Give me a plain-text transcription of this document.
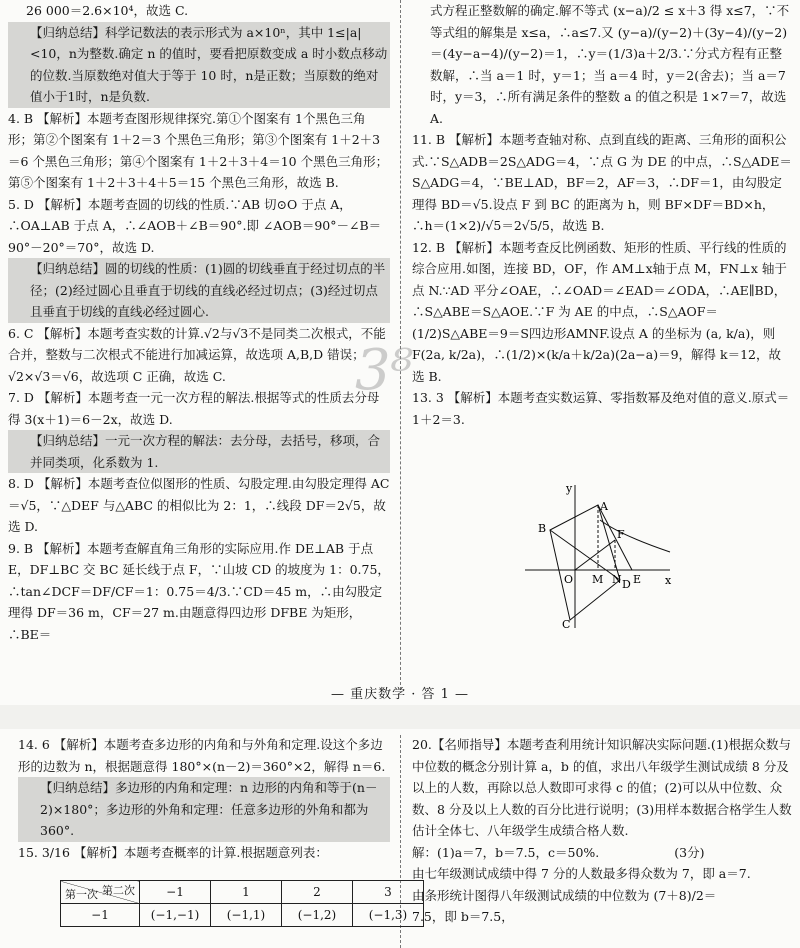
26 000＝2.6×10⁴，故选 C.

【归纳总结】科学记数法的表示形式为 a×10ⁿ，其中 1≤|a|<10，n为整数.确定 n 的值时，要看把原数变成 a 时小数点移动的位数.当原数绝对值大于等于 10 时，n是正数；当原数的绝对值小于1时，n是负数.

4. B 【解析】本题考查图形规律探究.第①个图案有 1个黑色三角形；第②个图案有 1＋2＝3 个黑色三角形；第③个图案有 1＋2＋3＝6 个黑色三角形；第④个图案有 1＋2＋3＋4＝10 个黑色三角形；第⑤个图案有 1＋2＋3＋4＋5＝15 个黑色三角形，故选 B.

5. D 【解析】本题考查圆的切线的性质.∵AB 切⊙O 于点 A，∴OA⊥AB 于点 A，∴∠AOB＋∠B＝90°.即 ∠AOB＝90°－∠B＝90°－20°＝70°，故选 D.

【归纳总结】圆的切线的性质：(1)圆的切线垂直于经过切点的半径；(2)经过圆心且垂直于切线的直线必经过切点；(3)经过切点且垂直于切线的直线必经过圆心.

6. C 【解析】本题考查实数的计算.√2与√3不是同类二次根式，不能合并，整数与二次根式不能进行加减运算，故选项 A,B,D 错误；√2×√3＝√6，故选项 C 正确，故选 C.

7. D 【解析】本题考查一元一次方程的解法.根据等式的性质去分母得 3(x＋1)＝6－2x，故选 D.

【归纳总结】一元一次方程的解法：去分母，去括号，移项，合并同类项，化系数为 1.

8. D 【解析】本题考查位似图形的性质、勾股定理.由勾股定理得 AC＝√5，∵△DEF 与△ABC 的相似比为 2：1，∴线段 DF＝2√5，故选 D.

9. B 【解析】本题考查解直角三角形的实际应用.作 DE⊥AB 于点 E，DF⊥BC 交 BC 延长线于点 F，∵山坡 CD 的坡度为 1：0.75，∴tan∠DCF＝DF/CF＝1：0.75＝4/3.∵CD＝45 m，∴由勾股定理得 DF＝36 m，CF＝27 m.由题意得四边形 DFBE 为矩形，∴BE＝

式方程正整数解的确定.解不等式 (x−a)/2 ≤ x＋3 得 x≤7，∵不等式组的解集是 x≤a，∴a≤7.又 (y−a)/(y−2)＋(3y−4)/(y−2)＝(4y−a−4)/(y−2)＝1，∴y＝(1/3)a＋2/3.∵分式方程有正整数解，∴当 a＝1 时，y＝1；当 a＝4 时，y＝2(舍去)；当 a＝7 时，y＝3，∴所有满足条件的整数 a 的值之积是 1×7＝7，故选 A.

11. B 【解析】本题考查轴对称、点到直线的距离、三角形的面积公式.∵S△ADB＝2S△ADG＝4，∵点 G 为 DE 的中点，∴S△ADE＝S△ADG＝4，∵BE⊥AD，BF＝2，AF＝3，∴DF＝1，由勾股定理得 BD＝√5.设点 F 到 BC 的距离为 h，则 BF×DF＝BD×h，∴h＝(1×2)/√5＝2√5/5，故选 B.

12. B 【解析】本题考查反比例函数、矩形的性质、平行线的性质的综合应用.如图，连接 BD，OF，作 AM⊥x轴于点 M，FN⊥x 轴于点 N.∵AD 平分∠OAE，∴∠OAD＝∠EAD＝∠ODA，∴AE∥BD，∴S△ABE＝S△AOE.∵F 为 AE 的中点，∴S△AOF＝(1/2)S△ABE＝9＝S四边形AMNF.设点 A 的坐标为 (a, k/a)，则 F(2a, k/2a)，∴(1/2)×(k/a＋k/2a)(2a−a)＝9，解得 k＝12，故选 B.

13. 3 【解析】本题考查实数运算、零指数幂及绝对值的意义.原式＝1＋2＝3.

3⁸
y
x
A
B
C
D E
F
M N
O
— 重庆数学 · 答 1 —

14. 6 【解析】本题考查多边形的内角和与外角和定理.设这个多边形的边数为 n，根据题意得 180°×(n－2)＝360°×2，解得 n＝6.

【归纳总结】多边形的内角和定理：n 边形的内角和等于(n－2)×180°；多边形的外角和定理：任意多边形的外角和都为 360°.

15. 3/16 【解析】本题考查概率的计算.根据题意列表：

20.【名师指导】本题考查利用统计知识解决实际问题.(1)根据众数与中位数的概念分别计算 a，b 的值，求出八年级学生测试成绩 8 分及以上的人数，再除以总人数即可求得 c 的值；(2)可以从中位数、众数、8 分及以上人数的百分比进行说明；(3)用样本数据合格学生人数估计全体七、八年级学生成绩合格人数.

解：(1)a＝7，b＝7.5，c＝50%.　　　　　　(3分)

由七年级测试成绩中得 7 分的人数最多得众数为 7，即 a＝7.

由条形统计图得八年级测试成绩的中位数为 (7＋8)/2＝

7.5，即 b＝7.5，

第二次
第一次	−1	1	2	3
−1	(−1,−1)	(−1,1)	(−1,2)	(−1,3)
